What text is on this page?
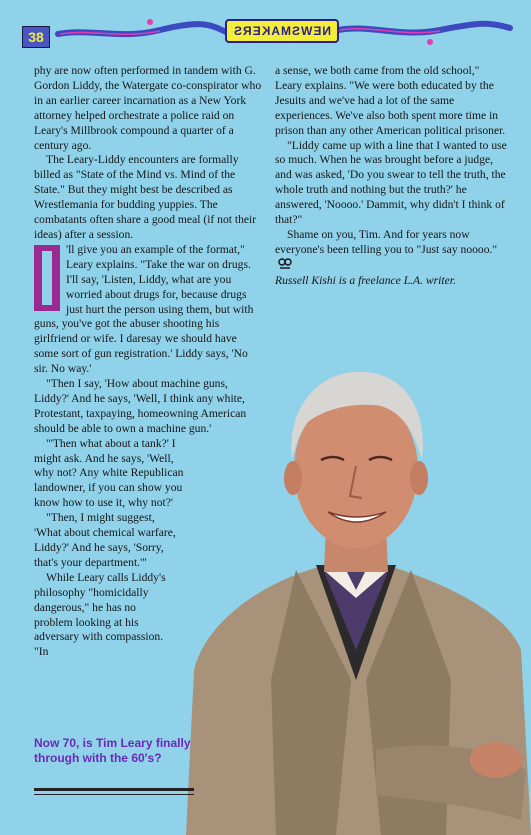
38	NEWSMAKERS

phy are now often performed in tandem with G. Gordon Liddy, the Watergate co-conspirator who in an earlier career incarnation as a New York attorney helped orchestrate a police raid on Leary's Millbrook compound a quarter of a century ago.

The Leary-Liddy encounters are formally billed as "State of the Mind vs. Mind of the State." But they might best be described as Wrestlemania for budding yuppies. The combatants often share a good meal (if not their ideas) after a session.

'll give you an example of the format," Leary explains. "Take the war on drugs. I'll say, 'Listen, Liddy, what are you worried about drugs for, because drugs just hurt the person using them, but with guns, you've got the abuser shooting his girlfriend or wife. I daresay we should have some sort of gun registration.' Liddy says, 'No sir. No way.'

"Then I say, 'How about machine guns, Liddy?' And he says, 'Well, I think any white, Protestant, taxpaying, homeowning American should be able to own a machine gun.'

"'Then what about a tank?' I might ask. And he says, 'Well, why not? Any white Republican landowner, if you can show you know how to use it, why not?'

"Then, I might suggest, 'What about chemical warfare, Liddy?' And he says, 'Sorry, that's your department.'"

While Leary calls Liddy's philosophy "homicidally dangerous," he has no problem looking at his adversary with compassion. "In

a sense, we both came from the old school," Leary explains. "We were both educated by the Jesuits and we've had a lot of the same experiences. We've also both spent more time in prison than any other American political prisoner.

"Liddy came up with a line that I wanted to use so much. When he was brought before a judge, and was asked, 'Do you swear to tell the truth, the whole truth and nothing but the truth?' he answered, 'Noooo.' Dammit, why didn't I think of that?"

Shame on you, Tim. And for years now everyone's been telling you to "Just say noooo."

Russell Kishi is a freelance L.A. writer.

Now 70, is Tim Leary finally through with the 60's?
